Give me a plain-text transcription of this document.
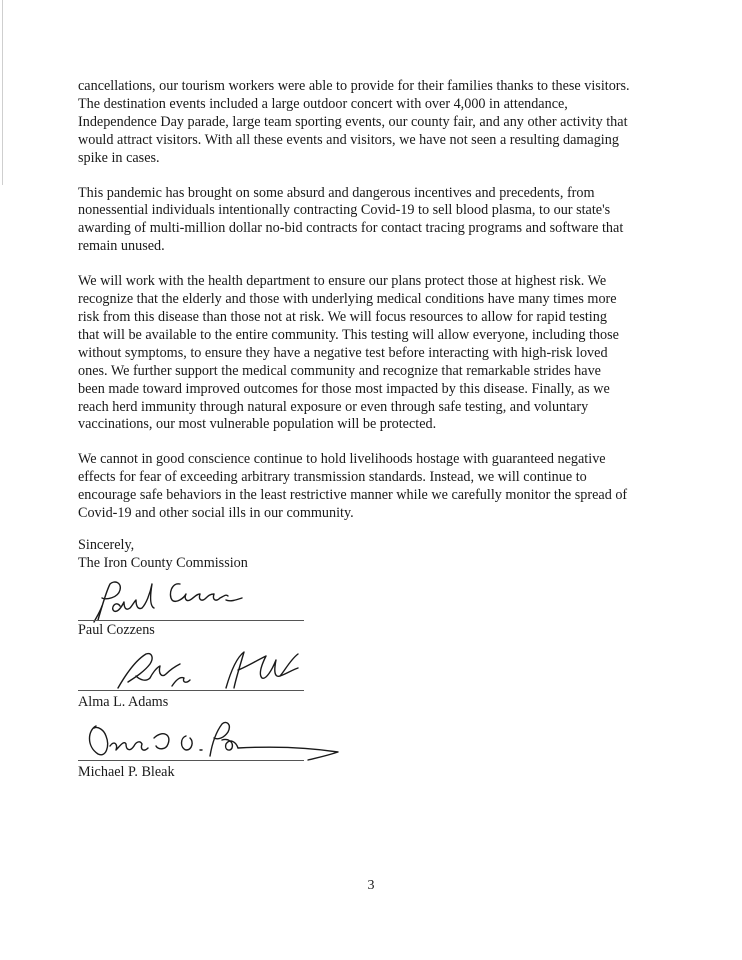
cancellations, our tourism workers were able to provide for their families thanks to these visitors.
The destination events included a large outdoor concert with over 4,000 in attendance,
Independence Day parade, large team sporting events, our county fair, and any other activity that
would attract visitors. With all these events and visitors, we have not seen a resulting damaging
spike in cases.

This pandemic has brought on some absurd and dangerous incentives and precedents, from
nonessential individuals intentionally contracting Covid-19 to sell blood plasma, to our state's
awarding of multi-million dollar no-bid contracts for contact tracing programs and software that
remain unused.

We will work with the health department to ensure our plans protect those at highest risk. We
recognize that the elderly and those with underlying medical conditions have many times more
risk from this disease than those not at risk. We will focus resources to allow for rapid testing
that will be available to the entire community. This testing will allow everyone, including those
without symptoms, to ensure they have a negative test before interacting with high-risk loved
ones. We further support the medical community and recognize that remarkable strides have
been made toward improved outcomes for those most impacted by this disease. Finally, as we
reach herd immunity through natural exposure or even through safe testing, and voluntary
vaccinations, our most vulnerable population will be protected.

We cannot in good conscience continue to hold livelihoods hostage with guaranteed negative
effects for fear of exceeding arbitrary transmission standards. Instead, we will continue to
encourage safe behaviors in the least restrictive manner while we carefully monitor the spread of
Covid-19 and other social ills in our community.

Sincerely,
The Iron County Commission
Paul Cozzens
Alma L. Adams
Michael P. Bleak
3
